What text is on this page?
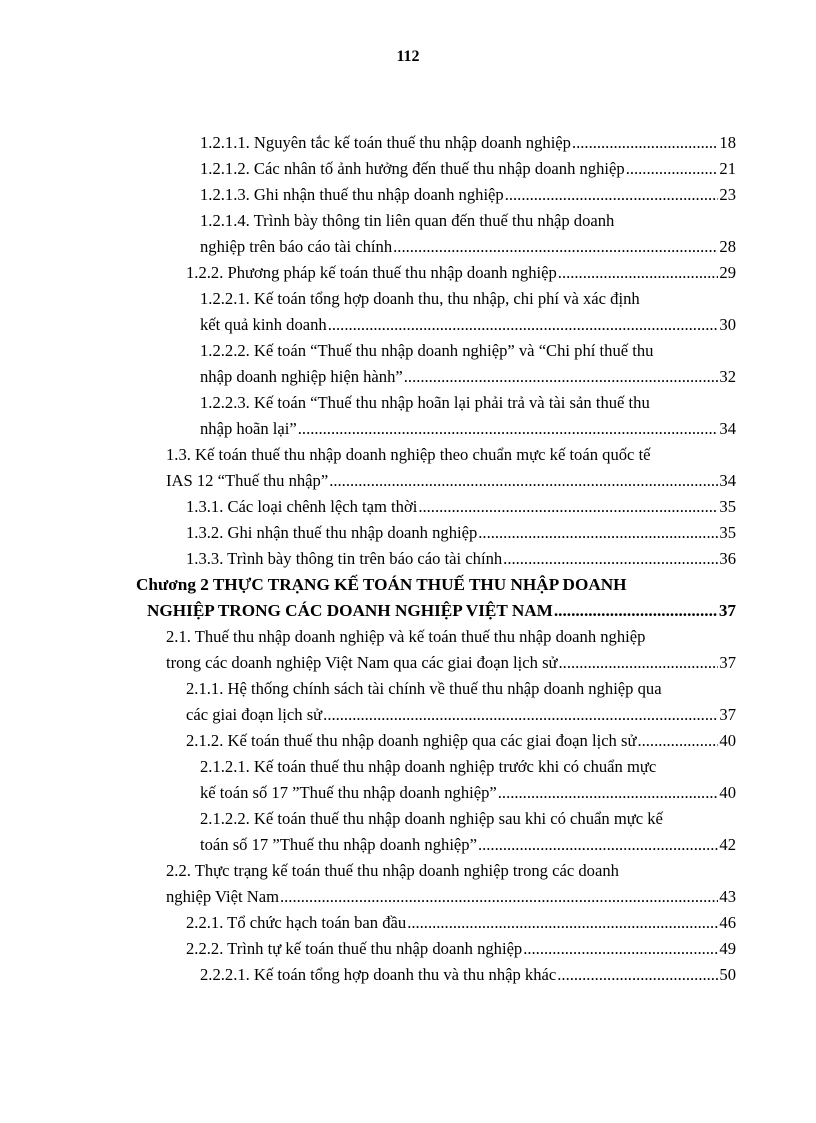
112
1.2.1.1. Nguyên tắc kế toán thuế thu nhập doanh nghiệp .....	18
1.2.1.2. Các nhân tố ảnh hưởng đến thuế thu nhập doanh nghiệp .....	21
1.2.1.3. Ghi nhận thuế thu nhập doanh nghiệp .....	23
1.2.1.4. Trình bày thông tin liên quan đến thuế thu nhập doanh
nghiệp trên báo cáo tài chính .....	28
1.2.2. Phương pháp kế toán thuế thu nhập doanh nghiệp .....	29
1.2.2.1. Kế toán tổng hợp doanh thu, thu nhập, chi phí và xác định
kết quả kinh doanh .....	30
1.2.2.2. Kế toán “Thuế thu nhập doanh nghiệp” và “Chi phí thuế thu
nhập doanh nghiệp hiện hành” .....	32
1.2.2.3. Kế toán “Thuế thu nhập hoãn lại phải trả và tài sản thuế thu
nhập hoãn lại” .....	34
1.3. Kế toán thuế thu nhập doanh nghiệp theo chuẩn mực kế toán quốc tế
IAS 12 “Thuế thu nhập” .....	34
1.3.1. Các loại chênh lệch tạm thời .....	35
1.3.2. Ghi nhận thuế thu nhập doanh nghiệp .....	35
1.3.3. Trình bày thông tin trên báo cáo tài chính .....	36
Chương 2 THỰC TRẠNG KẾ TOÁN THUẾ THU NHẬP DOANH
NGHIỆP TRONG CÁC DOANH NGHIỆP VIỆT NAM .....	37
2.1. Thuế thu nhập doanh nghiệp và kế toán thuế thu nhập doanh nghiệp
trong các doanh nghiệp Việt Nam qua các giai đoạn lịch sử .....	37
2.1.1. Hệ thống chính sách tài chính về thuế thu nhập doanh nghiệp qua
các giai đoạn lịch sử .....	37
2.1.2. Kế toán thuế thu nhập doanh nghiệp qua các giai đoạn lịch sử .....	40
2.1.2.1. Kế toán thuế thu nhập doanh nghiệp trước khi có chuẩn mực
kế toán số 17 ”Thuế thu nhập doanh nghiệp” .....	40
2.1.2.2. Kế toán thuế thu nhập doanh nghiệp sau khi có chuẩn mực kế
toán số 17 ”Thuế thu nhập doanh nghiệp” .....	42
2.2. Thực trạng kế toán thuế thu nhập doanh nghiệp trong các doanh
nghiệp Việt Nam .....	43
2.2.1. Tổ chức hạch toán ban đầu .....	46
2.2.2. Trình tự kế toán thuế thu nhập doanh nghiệp .....	49
2.2.2.1. Kế toán tổng hợp doanh thu và thu nhập khác .....	50
